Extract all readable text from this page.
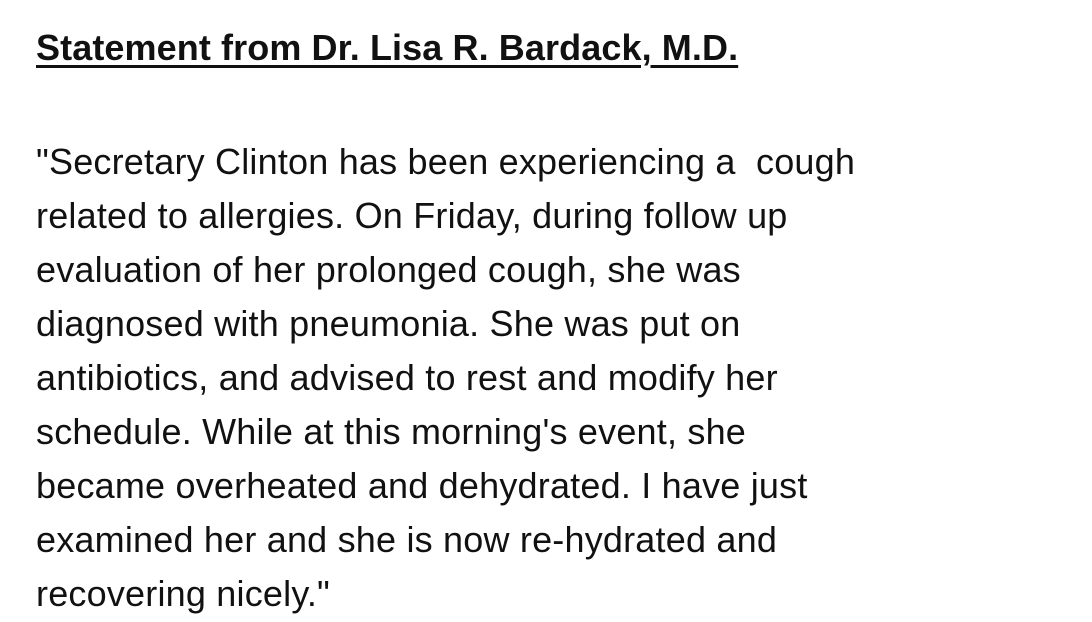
Statement from Dr. Lisa R. Bardack, M.D.

"Secretary Clinton has been experiencing a  cough
related to allergies. On Friday, during follow up
evaluation of her prolonged cough, she was
diagnosed with pneumonia. She was put on
antibiotics, and advised to rest and modify her
schedule. While at this morning's event, she
became overheated and dehydrated. I have just
examined her and she is now re-hydrated and
recovering nicely."
